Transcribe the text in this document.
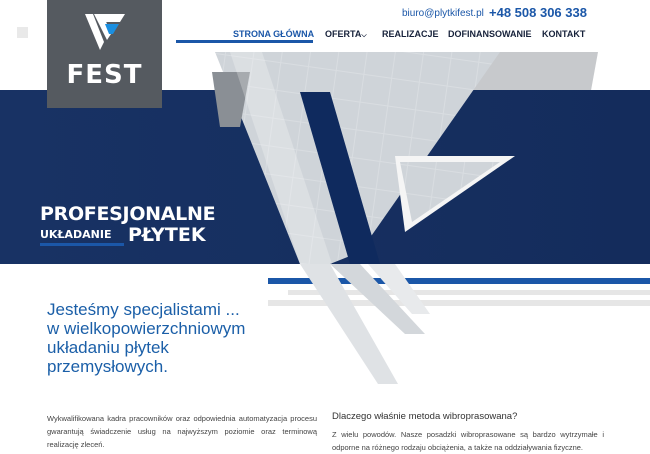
PROFESJONALNE
UKŁADANIE PŁYTEK
FEST
biuro@plytkifest.pl +48 508 306 338
STRONA GŁÓWNA OFERTA⌵ REALIZACJE DOFINANSOWANIE KONTAKT
Jesteśmy specjalistami ...
w wielkopowierzchniowym
układaniu płytek
przemysłowych.
Wykwalifikowana kadra pracowników oraz odpowiednia automatyzacja procesu gwarantują świadczenie usług na najwyższym poziomie oraz terminową realizację zleceń.
Dlaczego właśnie metoda wibroprasowana?
Z wielu powodów. Nasze posadzki wibroprasowane są bardzo wytrzymałe i odporne na różnego rodzaju obciążenia, a także na oddziaływania fizyczne.
